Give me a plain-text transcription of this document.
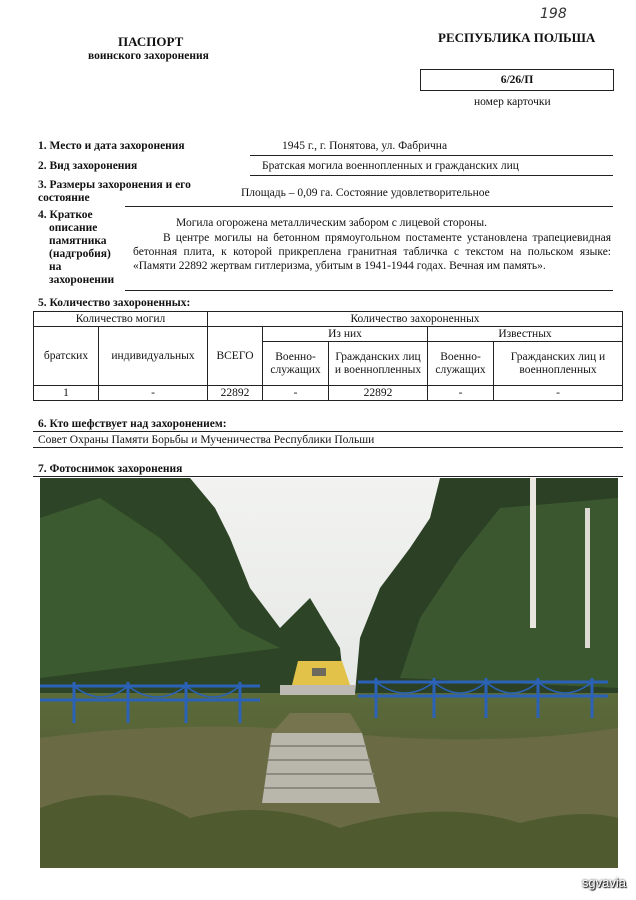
ПАСПОРТ
воинского захоронения
РЕСПУБЛИКА ПОЛЬША
198
6/26/П
номер карточки
1. Место и дата захоронения	1945 г., г. Понятова, ул. Фабрична
2. Вид захоронения	Братская могила военнопленных и гражданских лиц
3. Размеры захоронения и его
состояние	Площадь – 0,09 га. Состояние удовлетворительное
4. Краткое
описание
памятника
(надгробия)
на
захоронении
Могила огорожена металлическим забором с лицевой стороны.
В центре могилы на бетонном прямоугольном постаменте установлена трапециевидная бетонная плита, к которой прикреплена гранитная табличка с текстом на польском языке: «Памяти 22892 жертвам гитлеризма, убитым в 1941-1944 годах. Вечная им память».
5. Количество захороненных:
Количество могил		Количество захороненных				
братских	индивидуальных	ВСЕГО	Из них		Известных	
			Военно-служащих	Гражданских лиц и военнопленных	Военно-служащих	Гражданских лиц и военнопленных
1	-	22892	-	22892	-	-
6. Кто шефствует над захоронением:
Совет Охраны Памяти Борьбы и Мученичества Республики Польши
7. Фотоснимок захоронения
sgvavia
